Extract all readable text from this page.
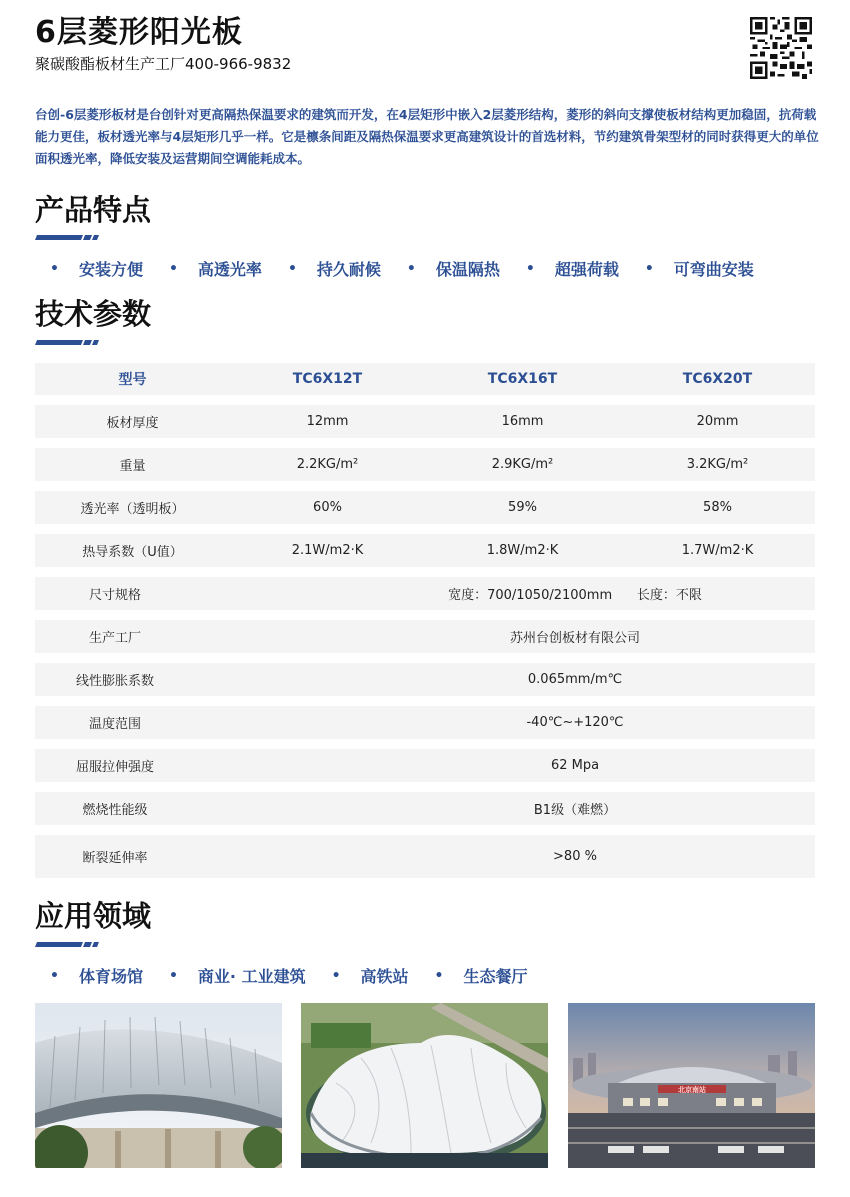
6层菱形阳光板
聚碳酸酯板材生产工厂400-966-9832
台创-6层菱形板材是台创针对更高隔热保温要求的建筑而开发，在4层矩形中嵌入2层菱形结构，菱形的斜向支撑使板材结构更加稳固，抗荷载能力更佳，板材透光率与4层矩形几乎一样。它是檩条间距及隔热保温要求更高建筑设计的首选材料，节约建筑骨架型材的同时获得更大的单位面积透光率，降低安装及运营期间空调能耗成本。
产品特点
• 安装方便 • 高透光率 • 持久耐候 • 保温隔热 • 超强荷载 • 可弯曲安装
技术参数
型号	TC6X12T	TC6X16T	TC6X20T
板材厚度	12mm	16mm	20mm
重量	2.2KG/m²	2.9KG/m²	3.2KG/m²
透光率（透明板）	60%	59%	58%
热导系数（U值）	2.1W/m2·K	1.8W/m2·K	1.7W/m2·K
尺寸规格	宽度：700/1050/2100mm      长度：不限
生产工厂	苏州台创板材有限公司
线性膨胀系数	0.065mm/m℃
温度范围	-40℃~+120℃
屈服拉伸强度	62 Mpa
燃烧性能级	B1级（难燃）
断裂延伸率	>80 %
应用领域
• 体育场馆 • 商业· 工业建筑 • 高铁站 • 生态餐厅
北京南站
